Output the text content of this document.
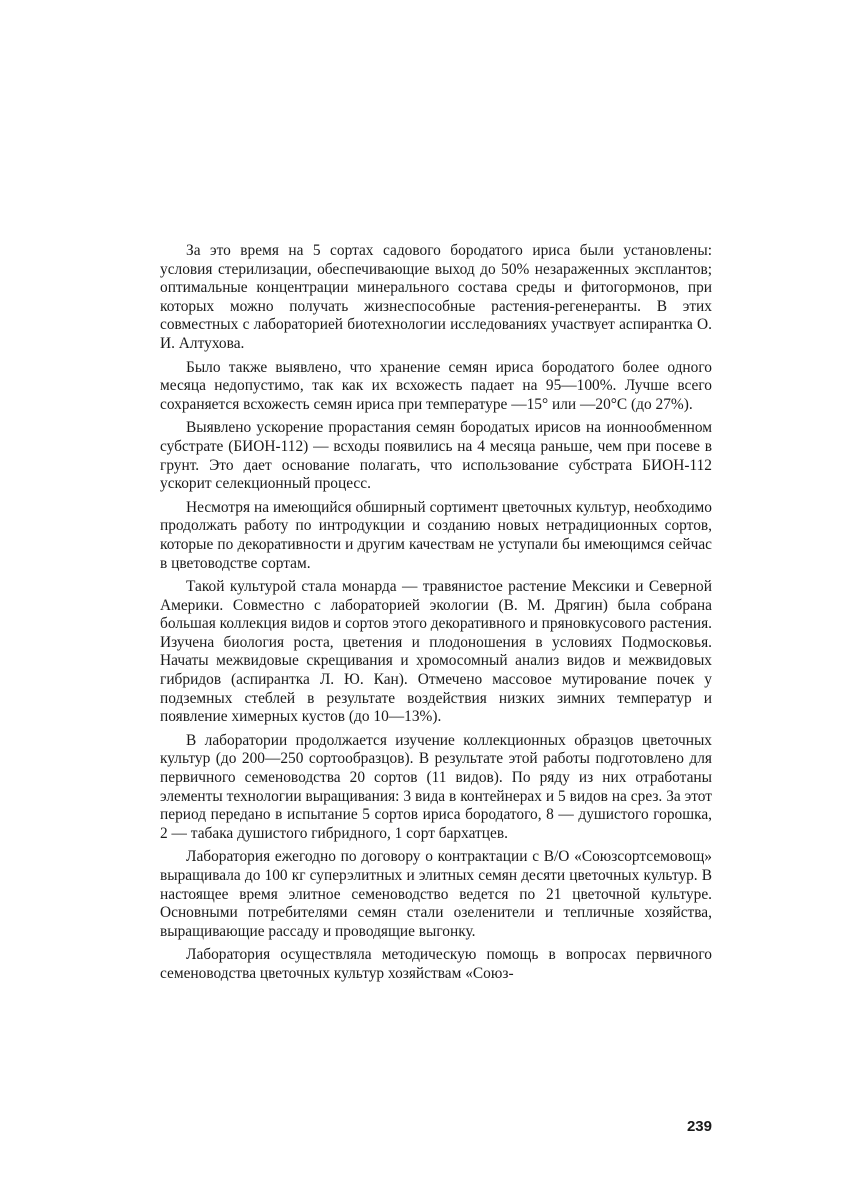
За это время на 5 сортах садового бородатого ириса были установлены: условия стерилизации, обеспечивающие выход до 50% незараженных эксплантов; оптимальные концентрации минерального состава среды и фитогормонов, при которых можно получать жизнеспособные растения-регенеранты. В этих совместных с лабораторией биотехнологии исследованиях участвует аспирантка О. И. Алтухова.

Было также выявлено, что хранение семян ириса бородатого более одного месяца недопустимо, так как их всхожесть падает на 95—100%. Лучше всего сохраняется всхожесть семян ириса при температуре —15° или —20°С (до 27%).

Выявлено ускорение прорастания семян бородатых ирисов на ионнообменном субстрате (БИОН-112) — всходы появились на 4 месяца раньше, чем при посеве в грунт. Это дает основание полагать, что использование субстрата БИОН-112 ускорит селекционный процесс.

Несмотря на имеющийся обширный сортимент цветочных культур, необходимо продолжать работу по интродукции и созданию новых нетрадиционных сортов, которые по декоративности и другим качествам не уступали бы имеющимся сейчас в цветоводстве сортам.

Такой культурой стала монарда — травянистое растение Мексики и Северной Америки. Совместно с лабораторией экологии (В. М. Дрягин) была собрана большая коллекция видов и сортов этого декоративного и пряновкусового растения. Изучена биология роста, цветения и плодоношения в условиях Подмосковья. Начаты межвидовые скрещивания и хромосомный анализ видов и межвидовых гибридов (аспирантка Л. Ю. Кан). Отмечено массовое мутирование почек у подземных стеблей в результате воздействия низких зимних температур и появление химерных кустов (до 10—13%).

В лаборатории продолжается изучение коллекционных образцов цветочных культур (до 200—250 сортообразцов). В результате этой работы подготовлено для первичного семеноводства 20 сортов (11 видов). По ряду из них отработаны элементы технологии выращивания: 3 вида в контейнерах и 5 видов на срез. За этот период передано в испытание 5 сортов ириса бородатого, 8 — душистого горошка, 2 — табака душистого гибридного, 1 сорт бархатцев.

Лаборатория ежегодно по договору о контрактации с В/О «Союзсортсемовощ» выращивала до 100 кг суперэлитных и элитных семян десяти цветочных культур. В настоящее время элитное семеноводство ведется по 21 цветочной культуре. Основными потребителями семян стали озеленители и тепличные хозяйства, выращивающие рассаду и проводящие выгонку.

Лаборатория осуществляла методическую помощь в вопросах первичного семеноводства цветочных культур хозяйствам «Союз-

239
